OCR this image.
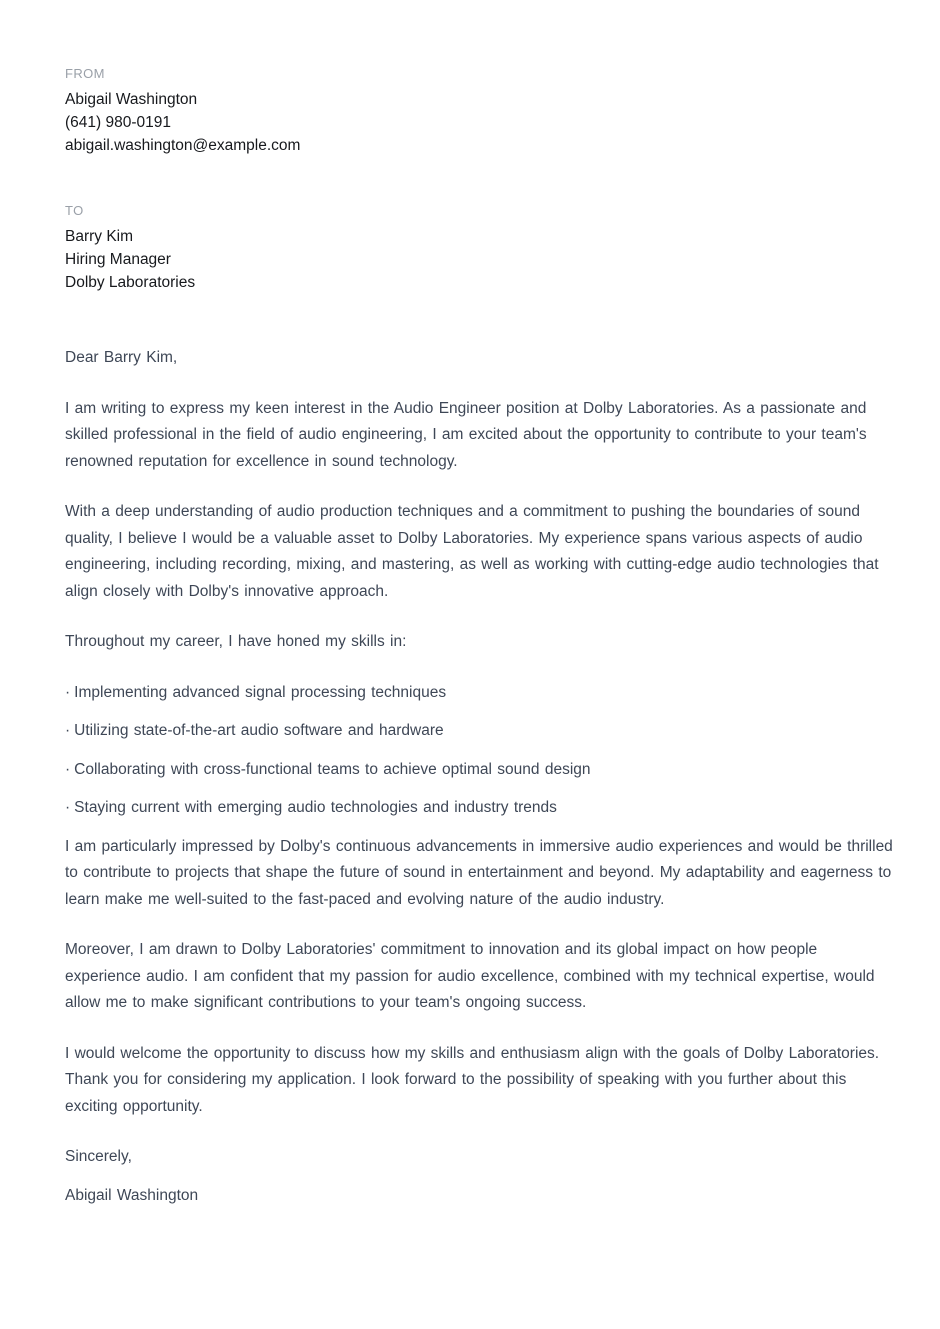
FROM

Abigail Washington

(641) 980-0191

abigail.washington@example.com

TO

Barry Kim

Hiring Manager

Dolby Laboratories

Dear Barry Kim,

I am writing to express my keen interest in the Audio Engineer position at Dolby Laboratories. As a passionate and skilled professional in the field of audio engineering, I am excited about the opportunity to contribute to your team's renowned reputation for excellence in sound technology.

With a deep understanding of audio production techniques and a commitment to pushing the boundaries of sound quality, I believe I would be a valuable asset to Dolby Laboratories. My experience spans various aspects of audio engineering, including recording, mixing, and mastering, as well as working with cutting-edge audio technologies that align closely with Dolby's innovative approach.

Throughout my career, I have honed my skills in:

· Implementing advanced signal processing techniques
· Utilizing state-of-the-art audio software and hardware
· Collaborating with cross-functional teams to achieve optimal sound design
· Staying current with emerging audio technologies and industry trends

I am particularly impressed by Dolby's continuous advancements in immersive audio experiences and would be thrilled to contribute to projects that shape the future of sound in entertainment and beyond. My adaptability and eagerness to learn make me well-suited to the fast-paced and evolving nature of the audio industry.

Moreover, I am drawn to Dolby Laboratories' commitment to innovation and its global impact on how people experience audio. I am confident that my passion for audio excellence, combined with my technical expertise, would allow me to make significant contributions to your team's ongoing success.

I would welcome the opportunity to discuss how my skills and enthusiasm align with the goals of Dolby Laboratories. Thank you for considering my application. I look forward to the possibility of speaking with you further about this exciting opportunity.

Sincerely,

Abigail Washington
